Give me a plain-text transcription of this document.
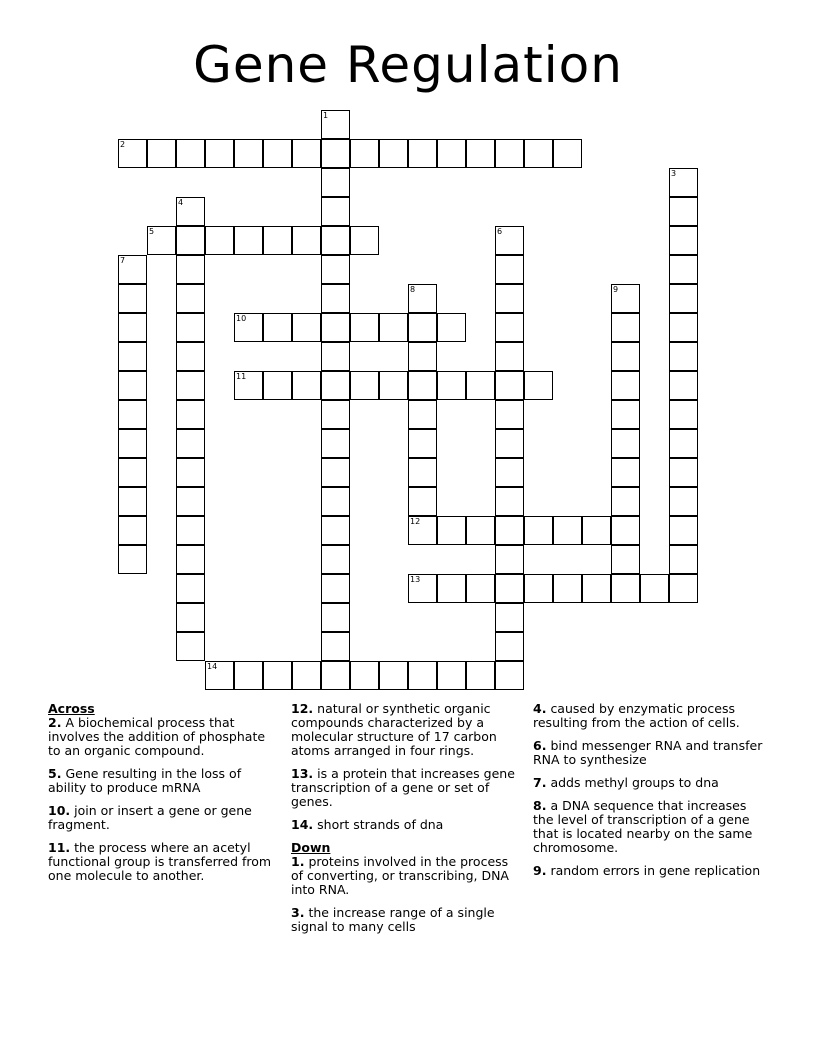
Gene Regulation
1
2
3
4
5	6
7
8
12
9
10
11
13
14
Across
2. A biochemical process that involves the addition of phosphate to an organic compound.
5. Gene resulting in the loss of ability to produce mRNA
10. join or insert a gene or gene fragment.
11. the process where an acetyl functional group is transferred from one molecule to another.
12. natural or synthetic organic compounds characterized by a molecular structure of 17 carbon atoms arranged in four rings.
13. is a protein that increases gene transcription of a gene or set of genes.
14. short strands of dna
Down
1. proteins involved in the process of converting, or transcribing, DNA into RNA.
3. the increase range of a single signal to many cells
4. caused by enzymatic process resulting from the action of cells.
6. bind messenger RNA and transfer RNA to synthesize
7. adds methyl groups to dna
8. a DNA sequence that increases the level of transcription of a gene that is located nearby on the same chromosome.
9. random errors in gene replication
